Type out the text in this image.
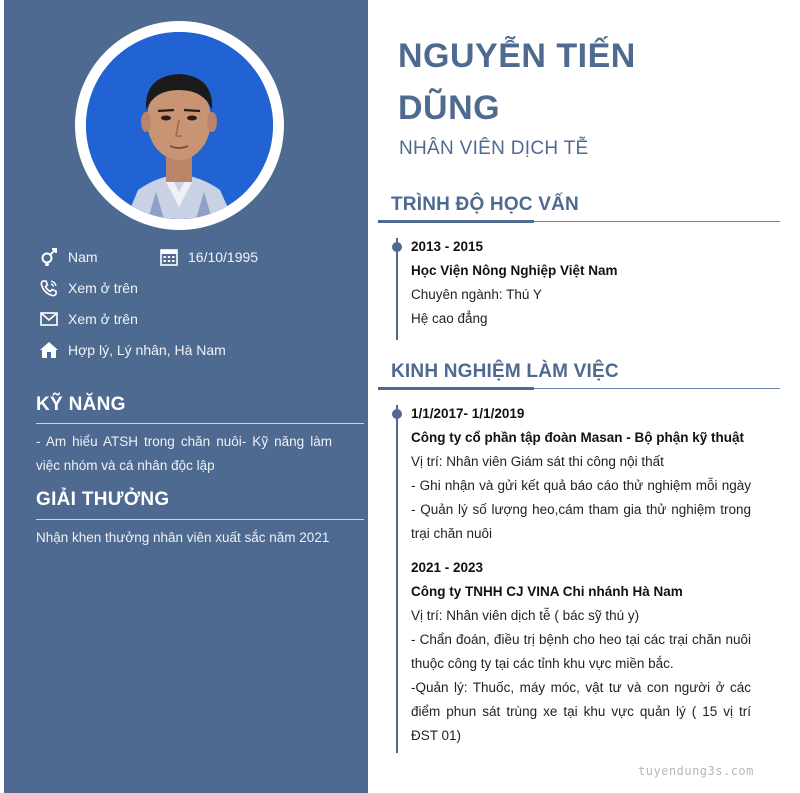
Nam	16/10/1995
Xem ở trên
Xem ở trên
Hợp lý, Lý nhân, Hà Nam
KỸ NĂNG
- Am hiểu ATSH trong chăn nuôi- Kỹ năng làm việc nhóm và cá nhân độc lập
GIẢI THƯỞNG
Nhận khen thưởng nhân viên xuất sắc năm 2021
NGUYỄN TIẾN DŨNG
NHÂN VIÊN DỊCH TỄ
TRÌNH ĐỘ HỌC VẤN
2013 - 2015
Học Viện Nông Nghiệp Việt Nam
Chuyên ngành: Thú Y
Hệ cao đẳng
KINH NGHIỆM LÀM VIỆC
1/1/2017- 1/1/2019
Công ty cổ phần tập đoàn Masan - Bộ phận kỹ thuật
Vị trí: Nhân viên Giám sát thi công nội thất
- Ghi nhận và gửi kết quả báo cáo thử nghiệm mỗi ngày - Quản lý số lượng heo,cám tham gia thử nghiệm trong trại chăn nuôi
2021 - 2023
Công ty TNHH CJ VINA Chi nhánh Hà Nam
Vị trí: Nhân viên dịch tễ ( bác sỹ thú y)
- Chẩn đoán, điều trị bệnh cho heo tại các trại chăn nuôi thuộc công ty tại các tỉnh khu vực miền bắc.
-Quản lý: Thuốc, máy móc, vật tư và con người ở các điểm phun sát trùng xe tại khu vực quản lý ( 15 vị trí ĐST 01)
tuyendung3s.com
